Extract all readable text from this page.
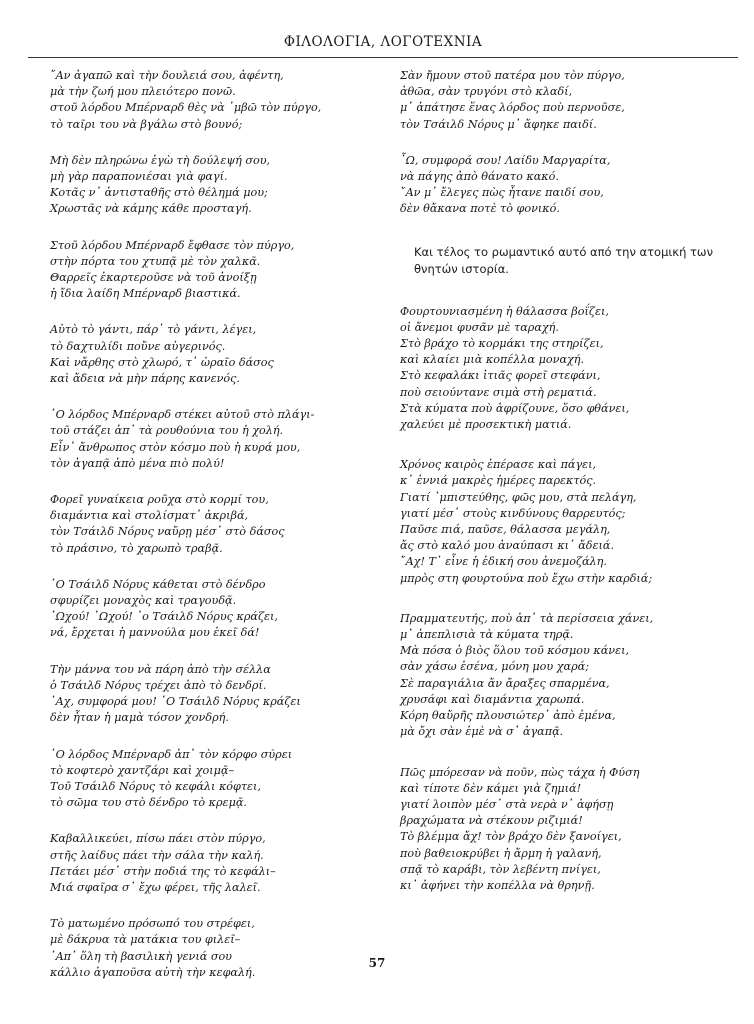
ΦΙΛΟΛΟΓΙΑ, ΛΟΓΟΤΕΧΝΙΑ
῎Αν ἀγαπῶ καὶ τὴν δουλειά σου, ἀφέντη,
μὰ τὴν ζωή μου πλειότερο πονῶ.
στοῦ λόρδου Μπέρναρδ θὲς νὰ ᾿μβῶ τὸν πύργο,
τὸ ταῖρι του νὰ βγάλω στὸ βουνό;
Μὴ δὲν πληρώνω ἐγὼ τὴ δούλεψή σου,
μὴ γὰρ παραπονιέσαι γιὰ φαγί.
Κοτᾶς ν᾿ ἀντισταθῆς στὸ θέλημά μου;
Χρωστᾶς νὰ κάμης κάθε προσταγή.
Στοῦ λόρδου Μπέρναρδ ἔφθασε τὸν πύργο,
στὴν πόρτα του χτυπᾷ μὲ τὸν χαλκᾶ.
Θαρρεῖς ἐκαρτεροῦσε νὰ τοῦ ἀνοίξῃ
ἡ ἴδια λαίδη Μπέρναρδ βιαστικά.
Αὐτὸ τὸ γάντι, πάρ᾿ τὸ γάντι, λέγει,
τὸ δαχτυλίδι ποὔνε αὐγερινός.
Καὶ νἄρθης στὸ χλωρό, τ᾿ ὡραῖο δάσος
καὶ ἄδεια νὰ μὴν πάρης κανενός.
῾Ο λόρδος Μπέρναρδ στέκει αὐτοῦ στὸ πλάγι-
τοῦ στάζει ἀπ᾿ τὰ ρουθούνια του ἡ χολή.
Εἶν᾿ ἄνθρωπος στὸν κόσμο ποὺ ἡ κυρά μου,
τὸν ἀγαπᾷ ἀπὸ μένα πιὸ πολύ!
Φορεῖ γυναίκεια ροῦχα στὸ κορμί του,
διαμάντια καὶ στολίσματ᾿ ἀκριβά,
τὸν Τσάιλδ Νόρυς ναὔρῃ μέσ᾿ στὸ δάσος
τὸ πράσινο, τὸ χαρωπὸ τραβᾷ.
῾Ο Τσάιλδ Νόρυς κάθεται στὸ δένδρο
σφυρίζει μοναχὸς καὶ τραγουδᾷ.
᾿Ωχού! ᾿Ωχού! ᾿ο Τσάιλδ Νόρυς κράζει,
νά, ἔρχεται ἡ μαννούλα μου ἐκεῖ δά!
Τὴν μάννα του νὰ πάρη ἀπὸ τὴν σέλλα
ὁ Τσάιλδ Νόρυς τρέχει ἀπὸ τὸ δενδρί.
᾿Αχ, συμφορά μου! ῾Ο Τσάιλδ Νόρυς κράζει
δὲν ἦταν ἡ μαμὰ τόσον χονδρή.
῾Ο λόρδος Μπέρναρδ ἀπ᾿ τὸν κόρφο σύρει
τὸ κοφτερὸ χαντζάρι καὶ χοιμᾷ–
Τοῦ Τσάιλδ Νόρυς τὸ κεφάλι κόφτει,
τὸ σῶμα του στὸ δένδρο τὸ κρεμᾷ.
Καβαλλικεύει, πίσω πάει στὸν πύργο,
στῆς λαίδυς πάει τὴν σάλα τὴν καλή.
Πετάει μέσ᾿ στὴν ποδιά της τὸ κεφάλι–
Μιά σφαῖρα σ᾿ ἔχω φέρει, τῆς λαλεῖ.
Τὸ ματωμένο πρόσωπό του στρέφει,
μὲ δάκρυα τὰ ματάκια του φιλεῖ–
᾿Απ᾿ ὅλη τὴ βασιλικὴ γενιά σου
κάλλιο ἀγαποῦσα αὐτὴ τὴν κεφαλή.
Σὰν ἤμουν στοῦ πατέρα μου τὸν πύργο,
ἀθῶα, σὰν τρυγόνι στὸ κλαδί,
μ᾿ ἀπάτησε ἕνας λόρδος ποὺ περνοῦσε,
τὸν Τσάιλδ Νόρυς μ᾿ ἄφηκε παιδί.
῏Ω, συμφορά σου! Λαίδυ Μαργαρίτα,
νὰ πάγης ἀπὸ θάνατο κακό.
῎Αν μ᾿ ἔλεγες πὼς ἦτανε παιδί σου,
δὲν θἄκανα ποτὲ τὸ φονικό.
Και τέλος το ρωμαντικό αυτό από την ατομική των
θνητών ιστορία.
Φουρτουνιασμένη ἡ θάλασσα βοΐζει,
οἱ ἄνεμοι φυσᾶν μὲ ταραχή.
Στὸ βράχο τὸ κορμάκι της στηρίζει,
καὶ κλαίει μιὰ κοπέλλα μοναχή.
Στὸ κεφαλάκι ἰτιᾶς φορεῖ στεφάνι,
ποὺ σειούντανε σιμὰ στὴ ρεματιά.
Στὰ κύματα ποὺ ἀφρίζουνε, ὅσο φθάνει,
χαλεύει μὲ προσεκτικὴ ματιά.
Χρόνος καιρὸς ἐπέρασε καὶ πάγει,
κ᾿ ἐννιά μακρὲς ἡμέρες παρεκτός.
Γιατί ᾿μπιστεύθης, φῶς μου, στὰ πελάγη,
γιατί μέσ᾿ στοὺς κινδύνους θαρρευτός;
Παῦσε πιά, παῦσε, θάλασσα μεγάλη,
ἄς στὸ καλό μου ἀναύπασι κι᾿ ἄδειά.
῎Αχ! Τ᾿ εἶνε ἡ ἐδική σου ἀνεμοζάλη.
μπρὸς στη φουρτούνα ποὺ ἔχω στὴν καρδιά;
Πραμματευτής, ποὺ ἀπ᾿ τὰ περίσσεια χάνει,
μ᾿ ἀπεπλισιὰ τὰ κύματα τηρᾷ.
Μὰ πόσα ὁ βιὸς ὅλου τοῦ κόσμου κάνει,
σὰν χάσω ἐσένα, μόνη μου χαρά;
Σὲ παραγιάλια ἄν ἄραξες σπαρμένα,
χρυσάφι καὶ διαμάντια χαρωπά.
Κόρη θαὔρῆς πλουσιώτερ᾿ ἀπὸ ἐμένα,
μὰ ὄχι σὰν ἐμὲ νὰ σ᾿ ἀγαπᾷ.
Πῶς μπόρεσαν νὰ ποῦν, πὼς τάχα ἡ Φύση
καὶ τίποτε δὲν κάμει γιὰ ζημιά!
γιατί λοιπὸν μέσ᾿ στὰ νερὰ ν᾿ ἀφήσῃ
βραχώματα νὰ στέκουν ριζιμιά!
Τὸ βλέμμα ἄχ! τὸν βράχο δὲν ξανοίγει,
ποὺ βαθειοκρύβει ἡ ἄρμη ἡ γαλανή,
σπᾷ τὸ καράβι, τὸν λεβέντη πνίγει,
κι᾿ ἀφήνει τὴν κοπέλλα νὰ θρηνῇ.
57
